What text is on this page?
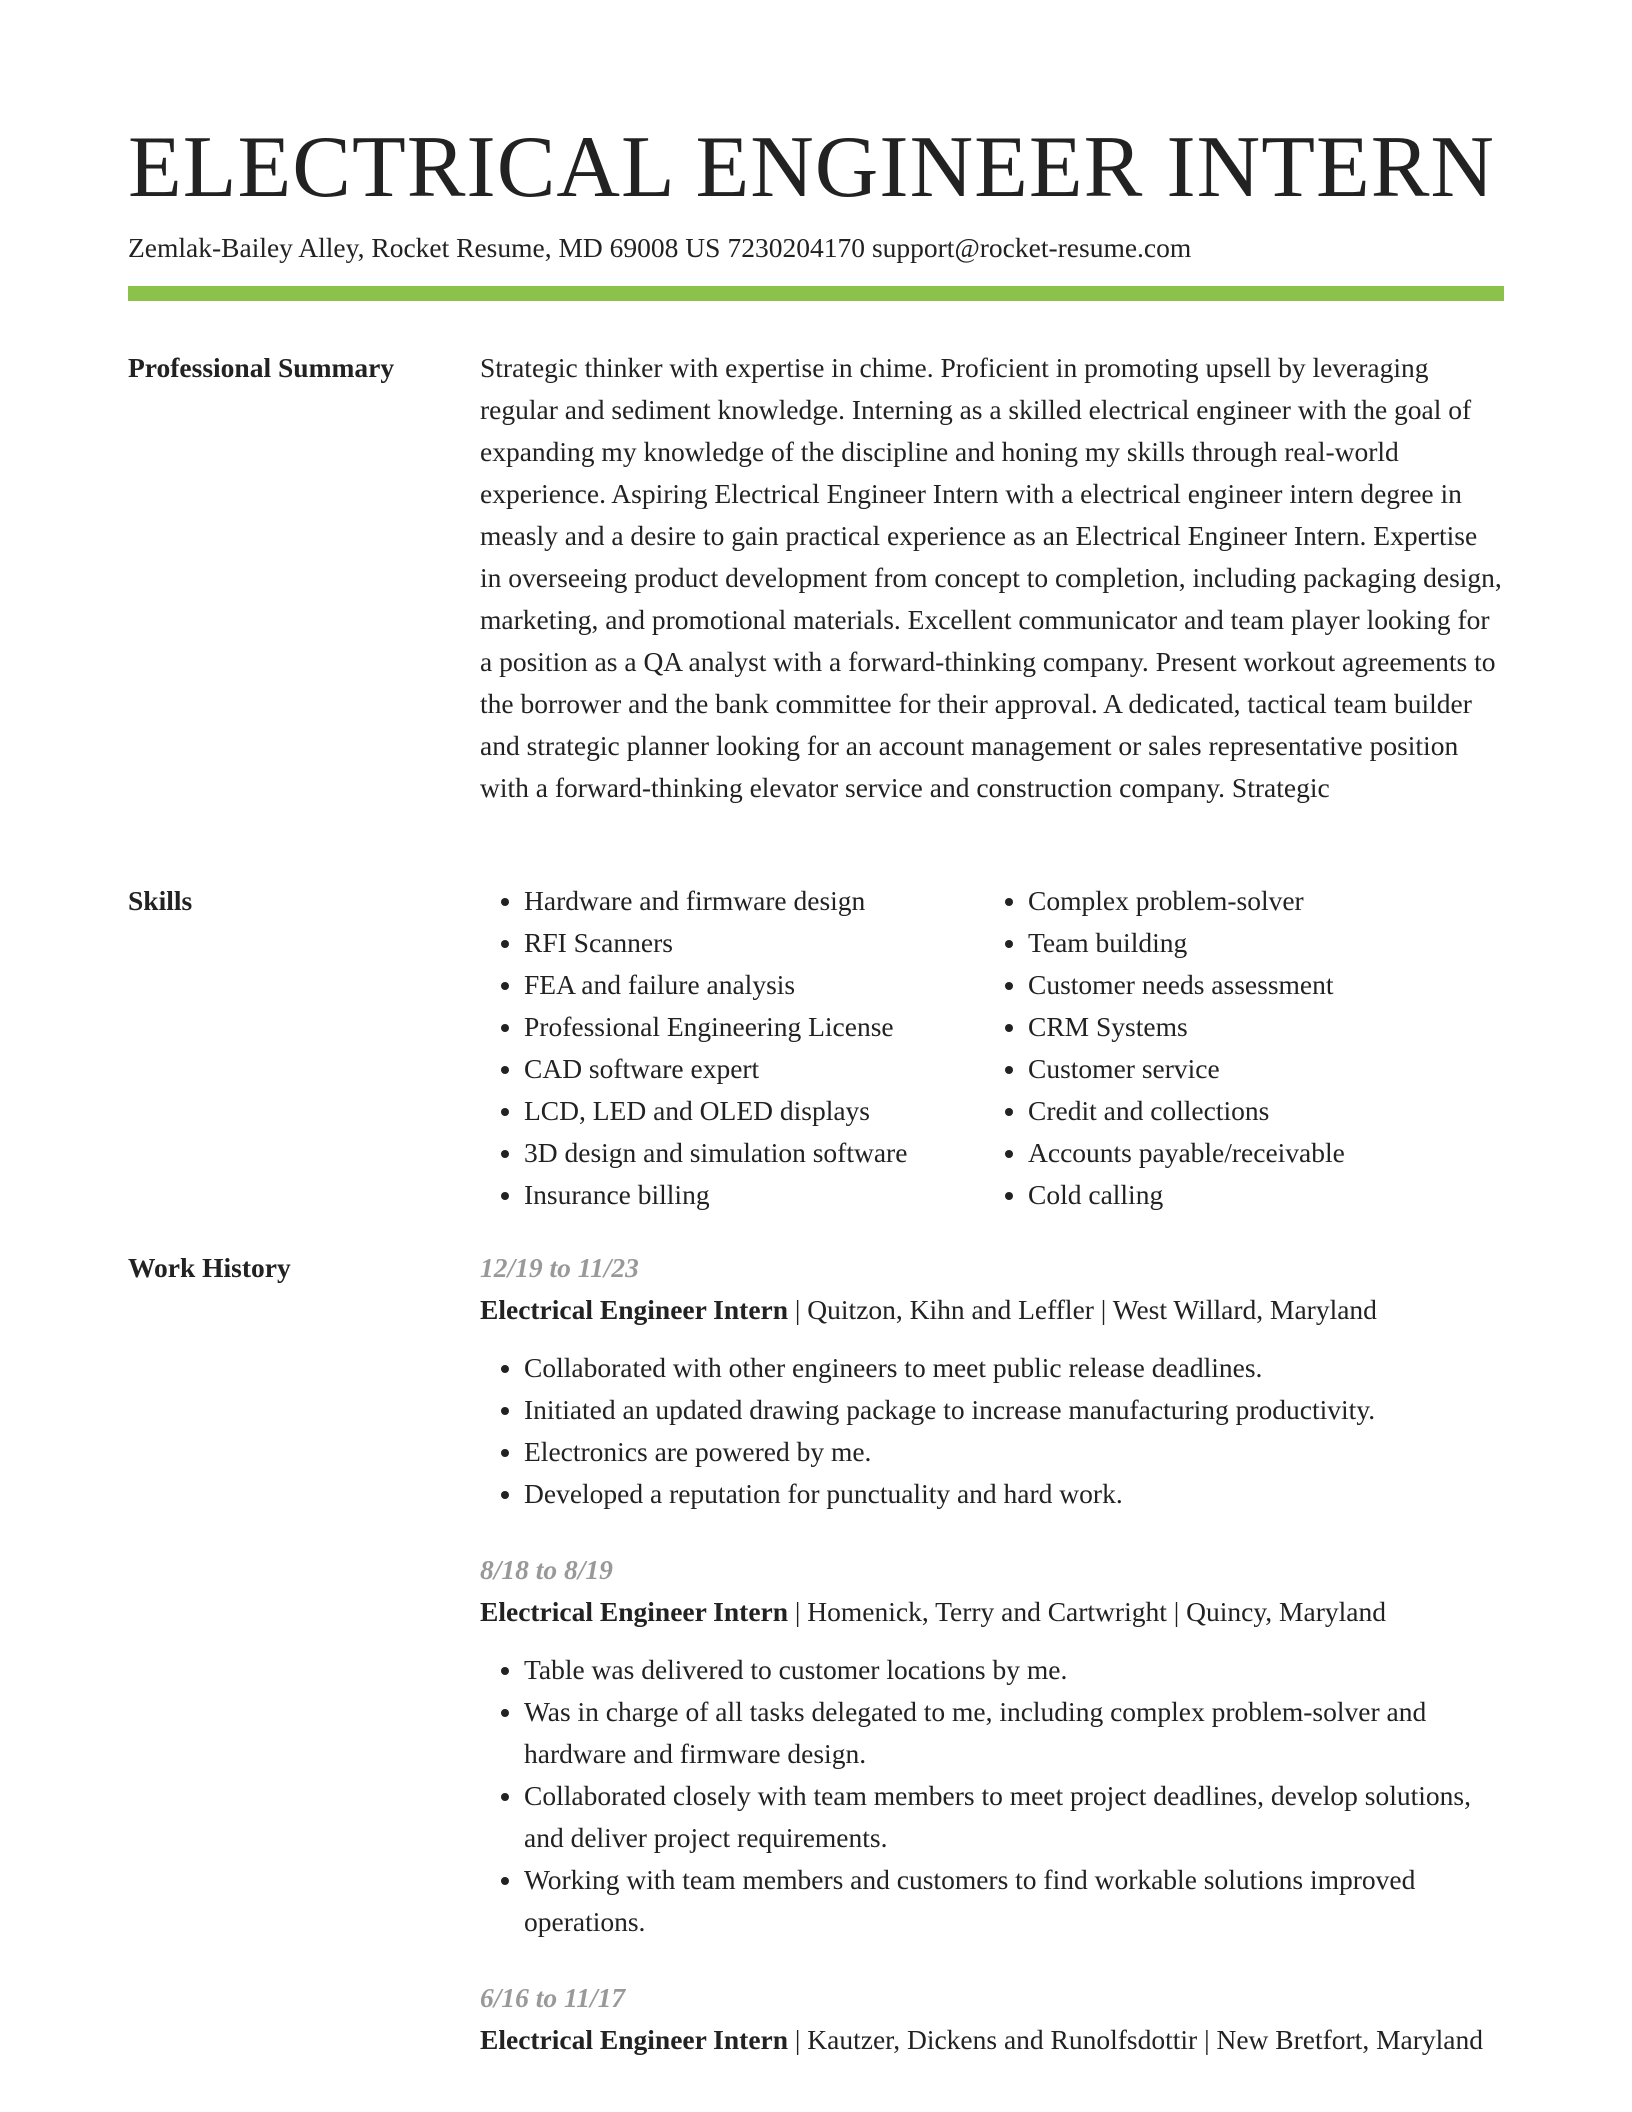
ELECTRICAL ENGINEER INTERN
Zemlak-Bailey Alley, Rocket Resume, MD 69008 US 7230204170 support@rocket-resume.com
Professional Summary	Strategic thinker with expertise in chime. Proficient in promoting upsell by leveraging regular and sediment knowledge. Interning as a skilled electrical engineer with the goal of expanding my knowledge of the discipline and honing my skills through real-world experience. Aspiring Electrical Engineer Intern with a electrical engineer intern degree in measly and a desire to gain practical experience as an Electrical Engineer Intern. Expertise in overseeing product development from concept to completion, including packaging design, marketing, and promotional materials. Excellent communicator and team player looking for a position as a QA analyst with a forward-thinking company. Present workout agreements to the borrower and the bank committee for their approval. A dedicated, tactical team builder and strategic planner looking for an account management or sales representative position with a forward-thinking elevator service and construction company. Strategic

Skills
•	Hardware and firmware design
• RFI Scanners
• FEA and failure analysis
• Professional Engineering License
• CAD software expert
• LCD, LED and OLED displays
• 3D design and simulation software
• Insurance billing
• Complex problem-solver
• Team building
• Customer needs assessment
• CRM Systems
• Customer service
• Credit and collections
• Accounts payable/receivable
• Cold calling
Work History	12/19 to 11/23
Electrical Engineer Intern | Quitzon, Kihn and Leffler | West Willard, Maryland
• Collaborated with other engineers to meet public release deadlines.
• Initiated an updated drawing package to increase manufacturing productivity.
• Electronics are powered by me.
• Developed a reputation for punctuality and hard work.
8/18 to 8/19
Electrical Engineer Intern | Homenick, Terry and Cartwright | Quincy, Maryland
• Table was delivered to customer locations by me.
• Was in charge of all tasks delegated to me, including complex problem-solver and hardware and firmware design.
• Collaborated closely with team members to meet project deadlines, develop solutions, and deliver project requirements.
• Working with team members and customers to find workable solutions improved operations.
6/16 to 11/17
Electrical Engineer Intern | Kautzer, Dickens and Runolfsdottir | New Bretfort, Maryland
